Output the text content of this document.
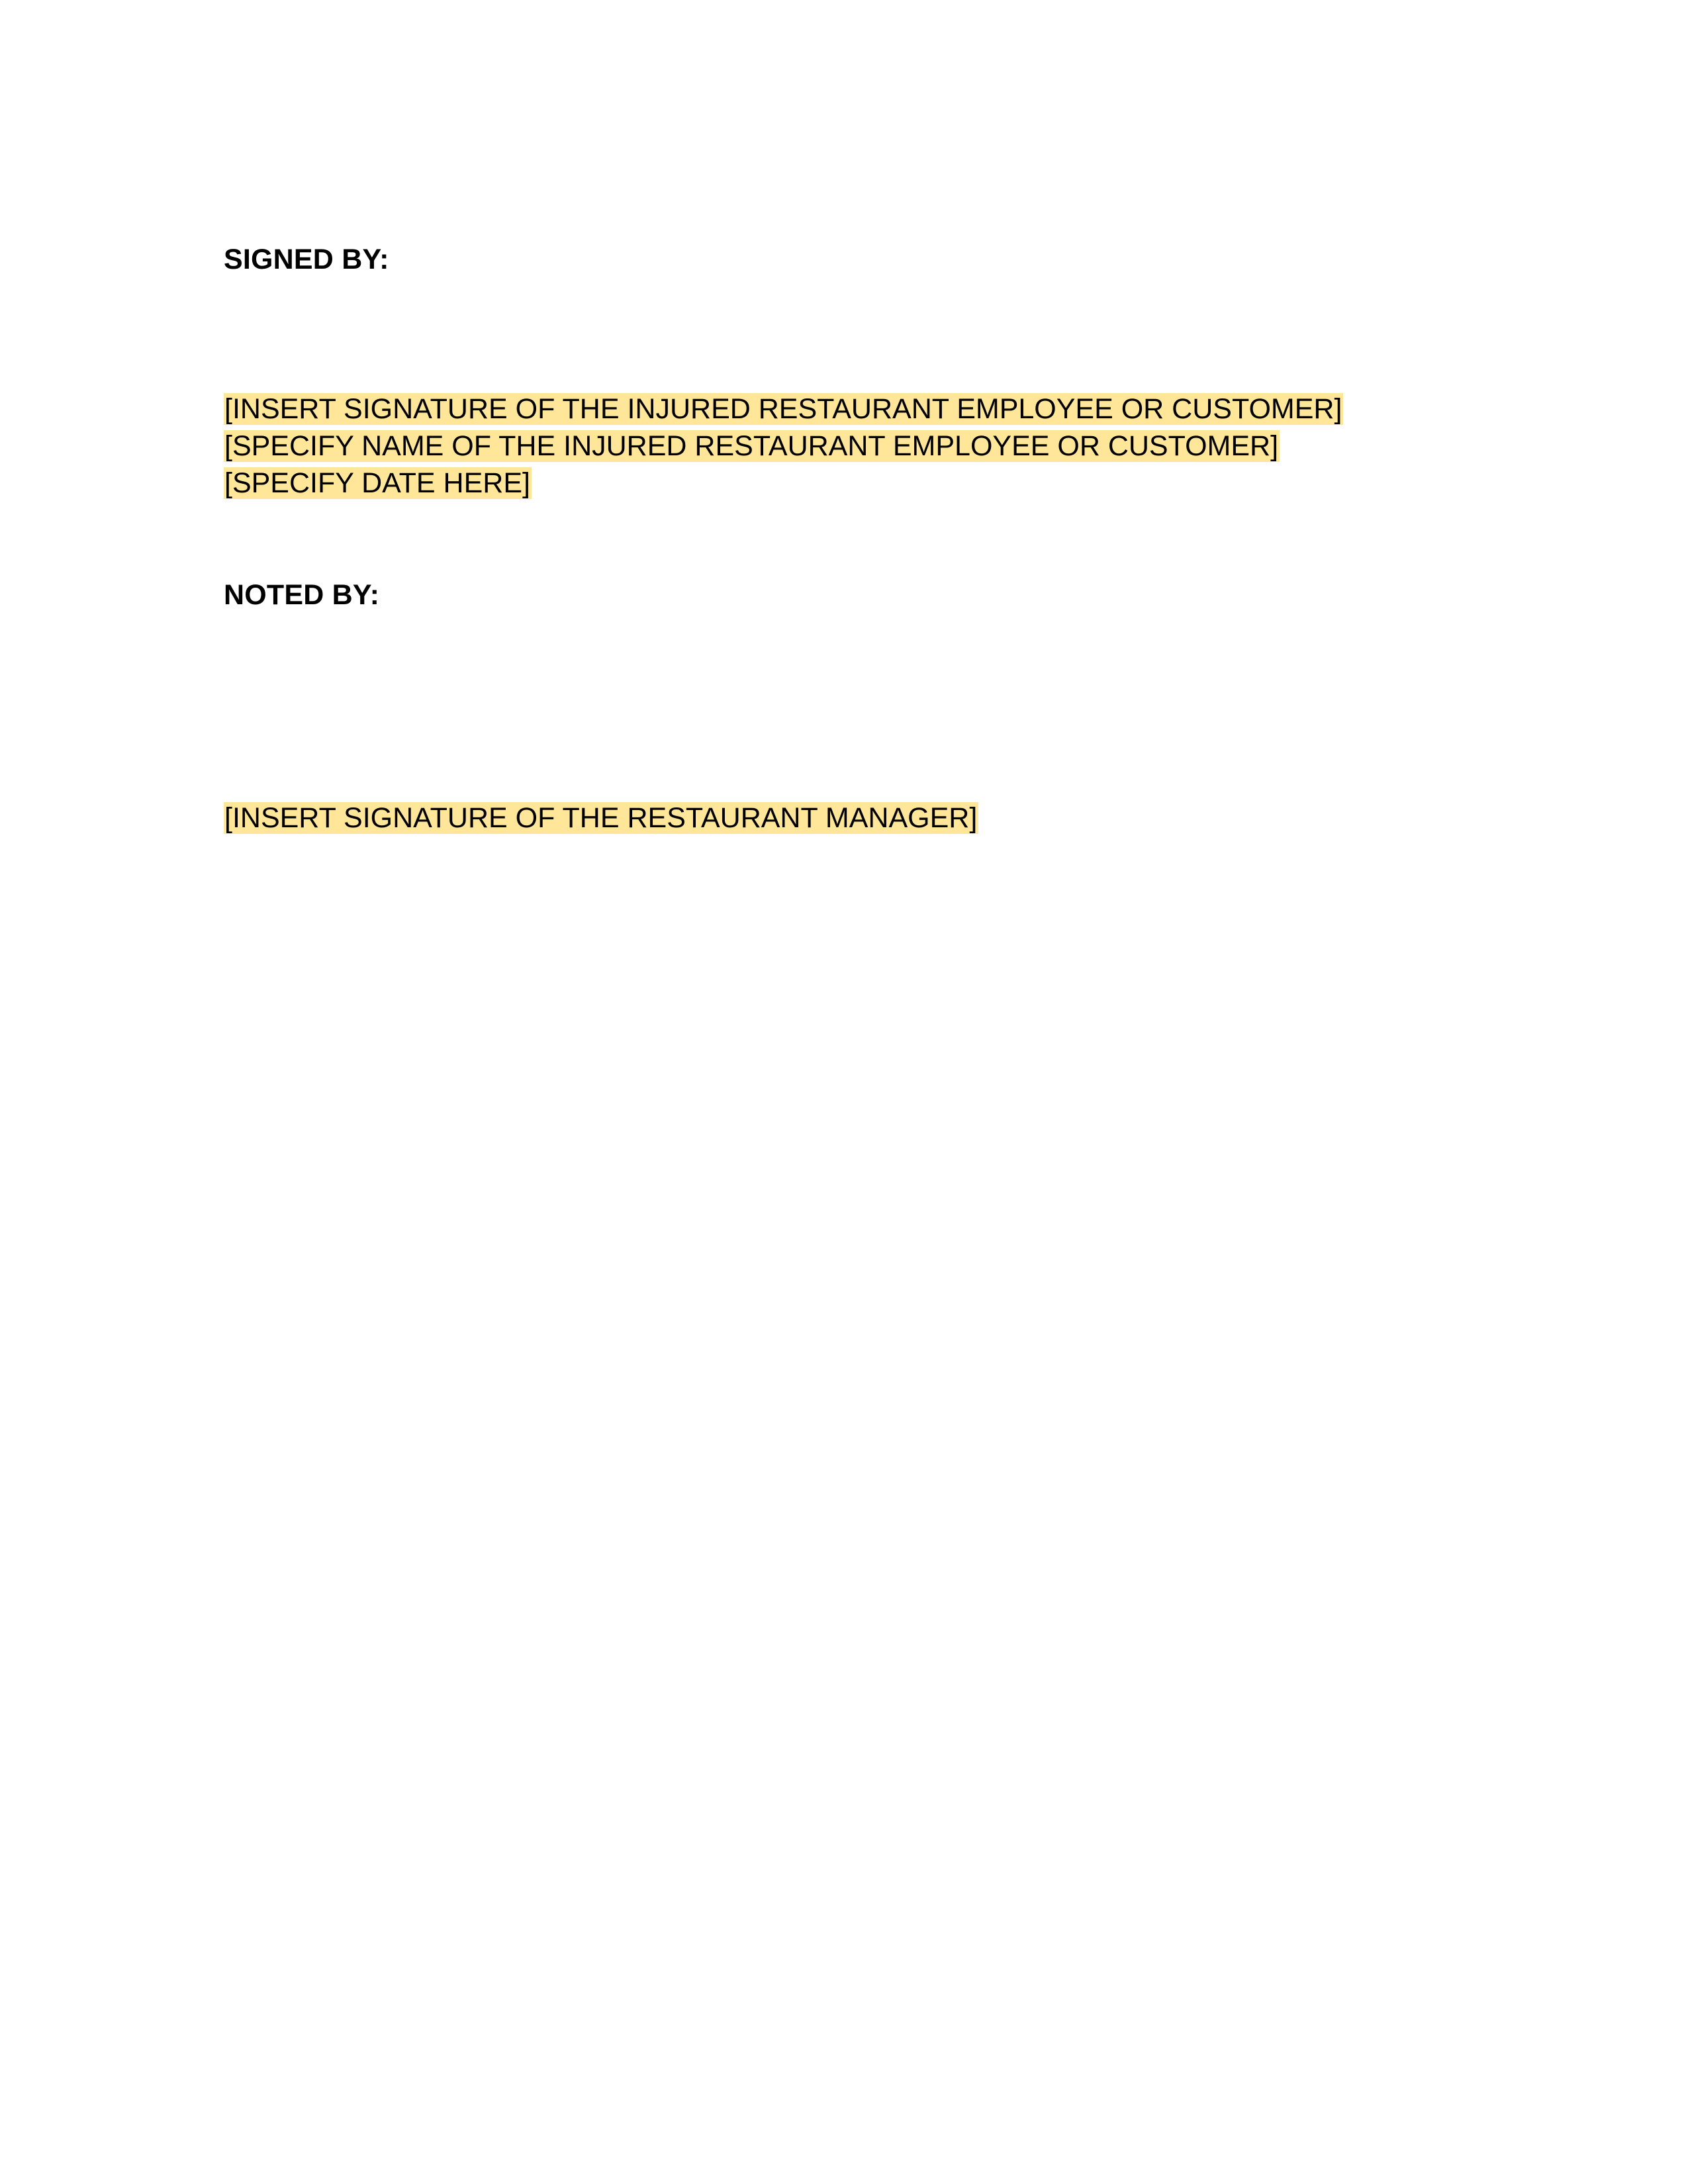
SIGNED BY:
[INSERT SIGNATURE OF THE INJURED RESTAURANT EMPLOYEE OR CUSTOMER]
[SPECIFY NAME OF THE INJURED RESTAURANT EMPLOYEE OR CUSTOMER]
[SPECIFY DATE HERE]
NOTED BY:
[INSERT SIGNATURE OF THE RESTAURANT MANAGER]
